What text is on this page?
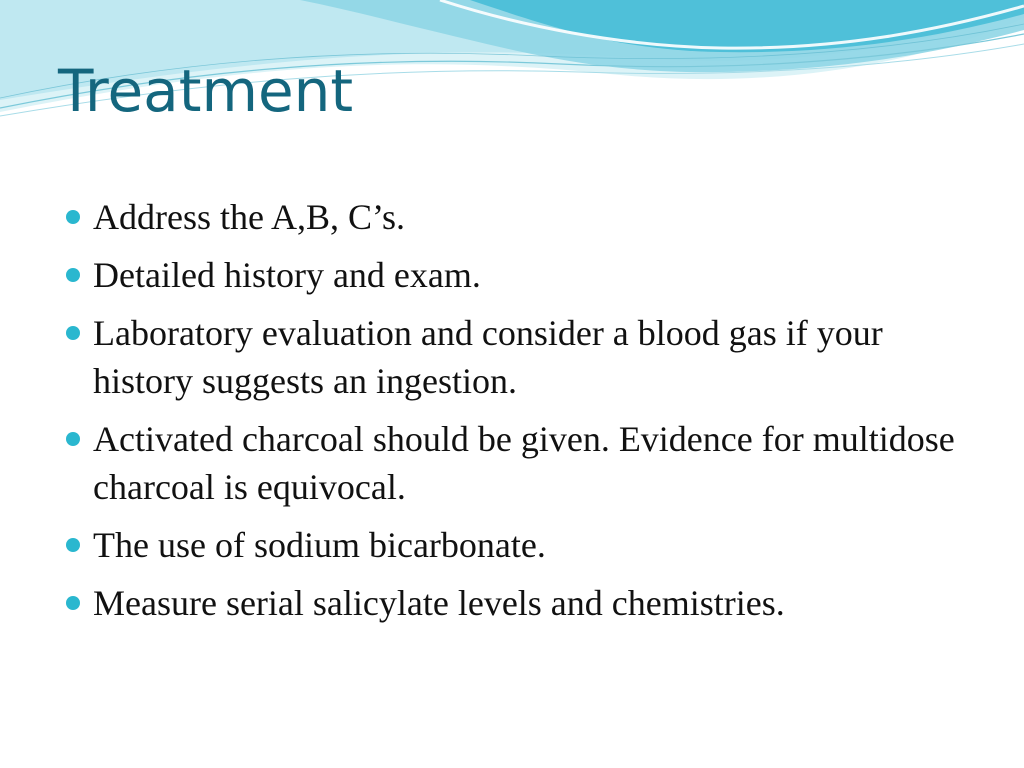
Treatment
Address the A,B, C’s.
Detailed history and exam.
Laboratory evaluation and consider a blood gas if your history suggests an ingestion.
Activated charcoal should be given. Evidence for multidose charcoal is equivocal.
The use of sodium bicarbonate.
Measure serial salicylate levels and chemistries.
